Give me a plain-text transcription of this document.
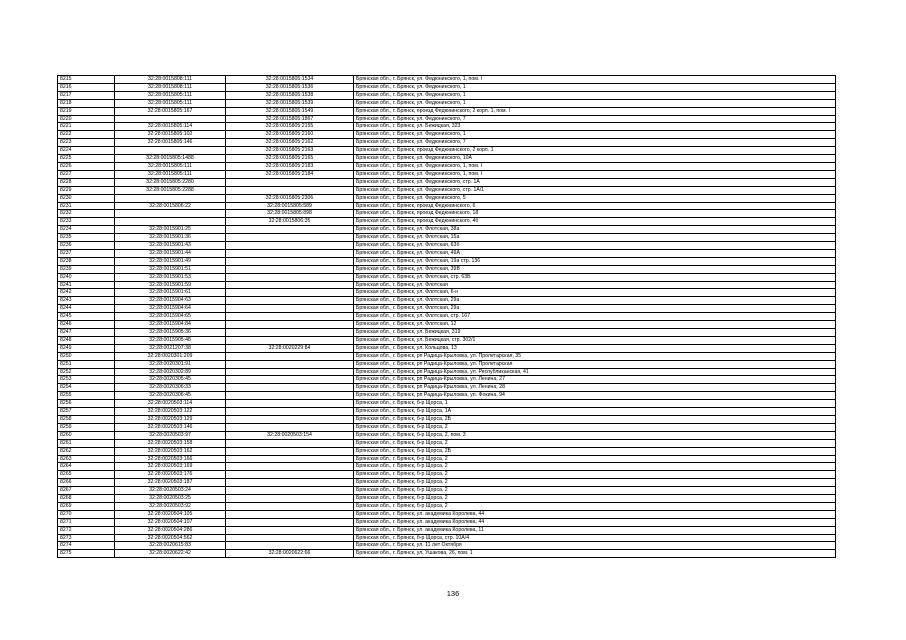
8215	32:28:0015808:111	32:28:0015805:1534	Брянская обл., г. Брянск, ул. Федюнинского, 1, пом. I
8216	32:28:0015808:111	32:28:0015805:1536	Брянская обл., г. Брянск, ул. Федюнинского, 1
8217	32:28:0015805:111	32:28:0015805:1538	Брянская обл., г. Брянск, ул. Федюнинского, 1
8218	32:28:0015805:111	32:28:0015805:1539	Брянская обл., г. Брянск, ул. Федюнинского, 1
8219	32:28:0015805:167	32:28:0015805:1549	Брянская обл., г. Брянск, проезд Федюнинского, 2 корп. 1, пом. I
8220		32:28:0015805:1867	Брянская обл., г. Брянск, ул. Федюнинского, 7
8221	32:28:0015805:114	32:28:0015805:2155	Брянская обл., г. Брянск, ул. Бежицкая, 323
8222	32:28:0015805:102	32:28:0015805:2160	Брянская обл., г. Брянск, ул. Федюнинского, 1
8223	32:28:0015805:146	32:28:0015805:2162	Брянская обл., г. Брянск, ул. Федюнинского, 7
8224		32:28:0015805:2163	Брянская обл., г. Брянск, проезд Федюнинского, 2 корп. 1
8225	32:28:0015805:1488	32:28:0015805:2165	Брянская обл., г. Брянск, ул. Федюнинского, 10А
8226	32:28:0015805:111	32:28:0015805:2183	Брянская обл., г. Брянск, ул. Федюнинского, 1, пом. I
8227	32:28:0015805:111	32:28:0015805:2184	Брянская обл., г. Брянск, ул. Федюнинского, 1, пом. I
8228	32:28:0015805:2280		Брянская обл., г. Брянск, ул. Федюнинского, стр. 1А
8229	32:28:0015805:2288		Брянская обл., г. Брянск, ул. Федюнинского, стр. 1А/1
8230		32:28:0015805:2306	Брянская обл., г. Брянск, ул. Федюнинского, 5
8231	32:28:0015806:22	32:28:0015805:589	Брянская обл., г. Брянск, проезд Федюнинского, 6
8232		32:28:0015805:898	Брянская обл., г. Брянск, проезд Федюнинского, 18
8233		32:28:0015806:35	Брянская обл., г. Брянск, проезд Федюнинского, 4б
8234	32:28:0015901:25		Брянская обл., г. Брянск, ул. Флотская, 38а
8235	32:28:0015901:36		Брянская обл., г. Брянск, ул. Флотская, 15а
8236	32:28:0015901:43		Брянская обл., г. Брянск, ул. Флотская, 63б
8237	32:28:0015901:44		Брянская обл., г. Брянск, ул. Флотская, 49А
8238	32:28:0015901:49		Брянская обл., г. Брянск, ул. Флотская, 19а стр. 136
8239	32:28:0015901:51		Брянская обл., г. Брянск, ул. Флотская, 39В
8240	32:28:0015901:53		Брянская обл., г. Брянск, ул. Флотская, стр. 63Б
8241	32:28:0015901:59		Брянская обл., г. Брянск, ул. Флотская
8242	32:28:0015901:61		Брянская обл., г. Брянск, ул. Флотская, 6-н
8243	32:28:0015904:63		Брянская обл., г. Брянск, ул. Флотская, 29а
8244	32:28:0015904:64		Брянская обл., г. Брянск, ул. Флотская, 29а
8245	32:28:0015904:65		Брянская обл., г. Брянск, ул. Флотская, стр. 167
8246	32:28:0015904:84		Брянская обл., г. Брянск, ул. Флотская, 12
8247	32:28:0015905:36		Брянская обл., г. Брянск, ул. Бежицкая, 319
8248	32:28:0015905:48		Брянская обл., г. Брянск, ул. Бежицкая, стр. 302/1
8249	32:28:0021207:38	32:28:0020229:84	Брянская обл., г. Брянск, ул. Кольцова, 13
8250	32:28:0020301:209		Брянская обл., г. Брянск, рп Радица-Крыловка, ул. Пролетарская, 35
8251	32:28:0020301:91		Брянская обл., г. Брянск, рп Радица-Крыловка, ул. Пролетарская
8252	32:28:0020302:89		Брянская обл., г. Брянск, рп Радица-Крыловка, ул. Республиканская, 41
8253	32:28:0020305:45		Брянская обл., г. Брянск, рп Радица-Крыловка, ул. Ленина, 27
8254	32:28:0020306:33		Брянская обл., г. Брянск, рп Радица-Крыловка, ул. Ленина, 28
8255	32:28:0020306:45		Брянская обл., г. Брянск, рп Радица-Крыловка, ул. Фокина, 94
8256	32:28:0020503:114		Брянская обл., г. Брянск, б-р Щорса, 1
8257	32:28:0020503:122		Брянская обл., г. Брянск, б-р Щорса, 1А
8258	32:28:0020503:129		Брянская обл., г. Брянск, б-р Щорса, 2Б
8259	32:28:0020503:146		Брянская обл., г. Брянск, б-р Щорса, 2
8260	32:28:0020503:97	32:28:0020503:154	Брянская обл., г. Брянск, б-р Щорса, 2, пом. 3
8261	32:28:0020503:158		Брянская обл., г. Брянск, б-р Щорса, 2
8262	32:28:0020503:162		Брянская обл., г. Брянск, б-р Щорса, 2Б
8263	32:28:0020503:166		Брянская обл., г. Брянск, б-р Щорса, 2
8264	32:28:0020503:169		Брянская обл., г. Брянск, б-р Щорса, 2
8265	32:28:0020503:176		Брянская обл., г. Брянск, б-р Щорса, 2
8266	32:28:0020503:187		Брянская обл., г. Брянск, б-р Щорса, 2
8267	32:28:0020503:24		Брянская обл., г. Брянск, б-р Щорса, 2
8268	32:28:0020503:25		Брянская обл., г. Брянск, б-р Щорса, 2
8269	32:28:0020503:92		Брянская обл., г. Брянск, б-р Щорса, 2
8270	32:28:0020504:105		Брянская обл., г. Брянск, ул. академика Королева, 44
8271	32:28:0020504:107		Брянская обл., г. Брянск, ул. академика Королева, 44
8272	32:28:0020504:286		Брянская обл., г. Брянск, ул. академика Королева, 11
8273	32:28:0020504:562		Брянская обл., г. Брянск, б-р Щорса, стр. 10А/4
8274	32:28:0020615:83		Брянская обл., г. Брянск, ул. 11 лет Октября
8275	32:28:0020622:42	32:28:0020622:66	Брянская обл., г. Брянск, ул. Ушакова, 26, пом. 1
136
